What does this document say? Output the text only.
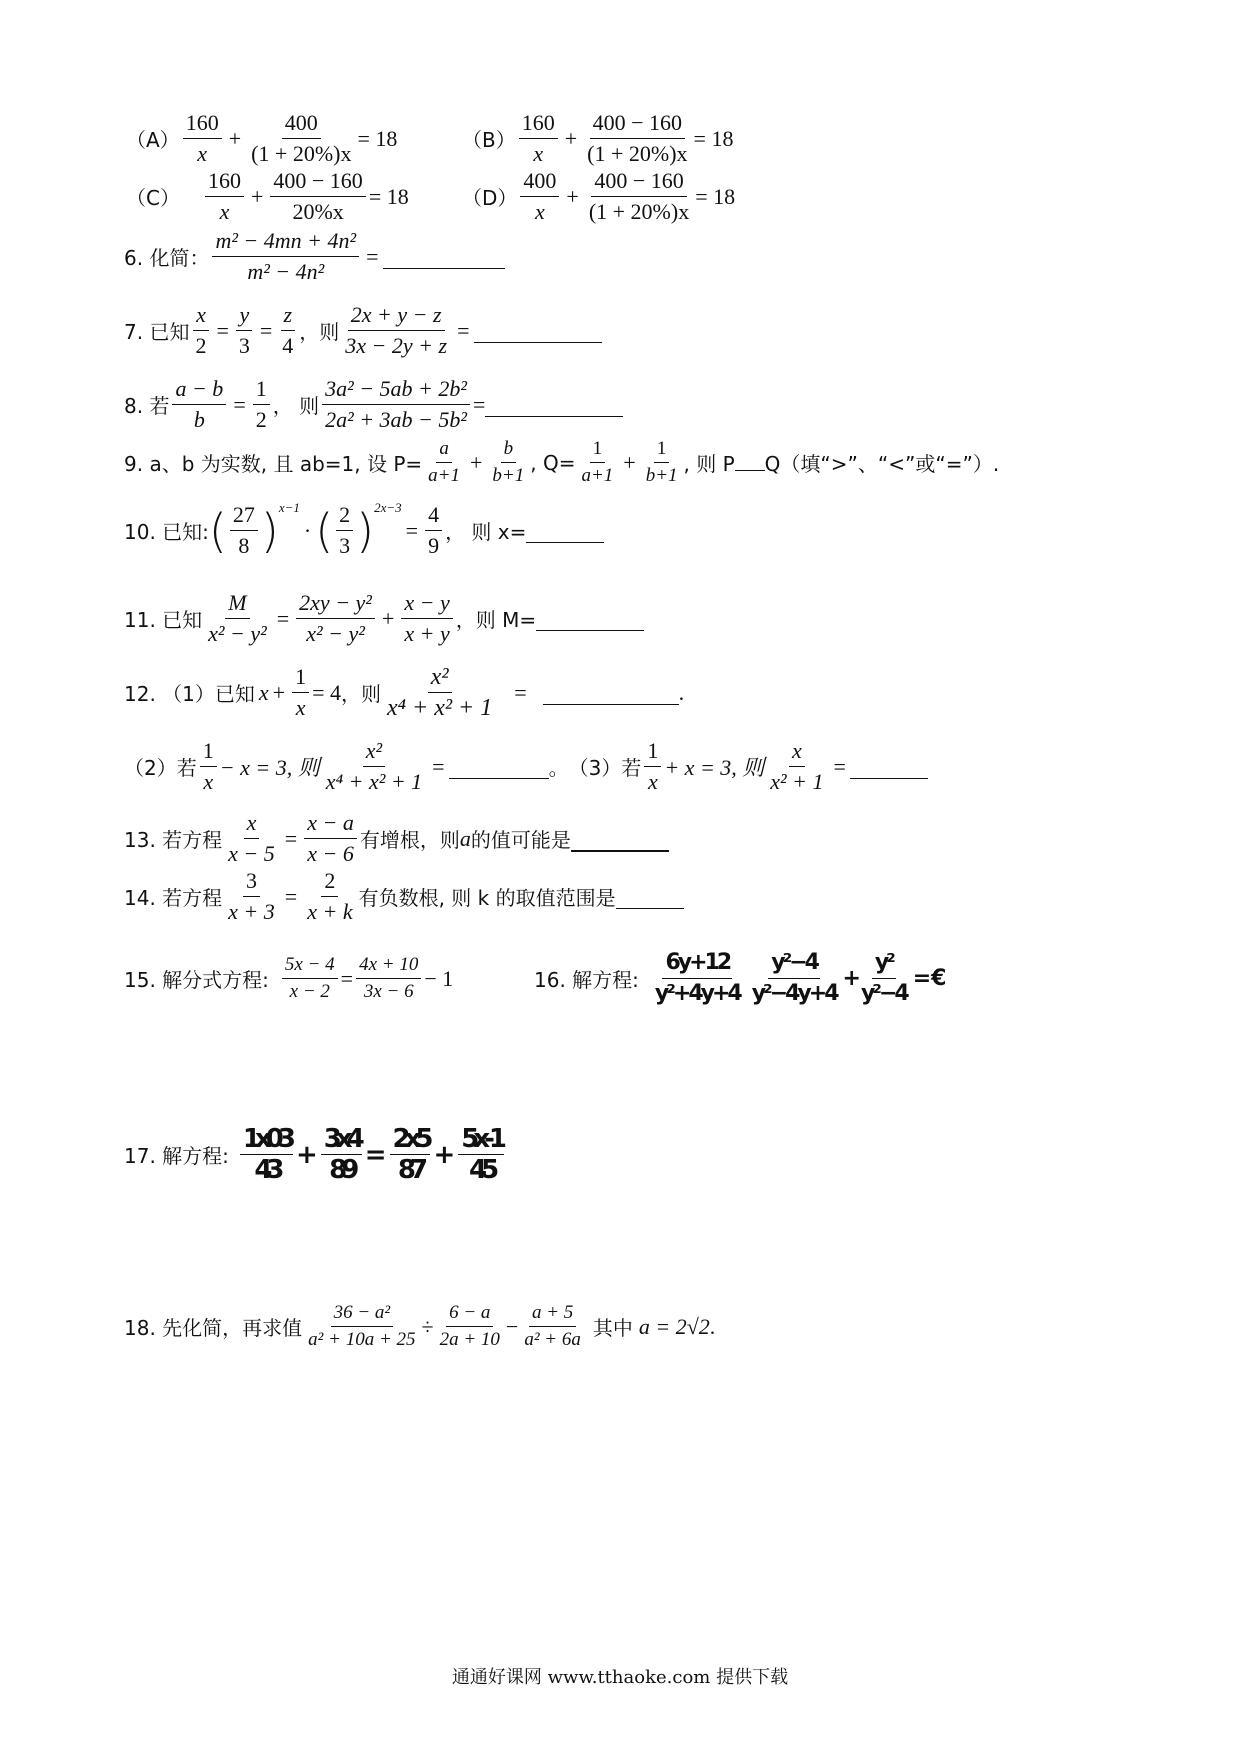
$(A) \frac{160}{x} + \frac{400}{(1 + 20\%)x} = 18$	$(B) \frac{160}{x} + \frac{400 - 160}{(1 + 20\%)x} = 18$
$(C) \frac{160}{x} + \frac{400 - 160}{20\%x} = 18$	$(D) \frac{400}{x} + \frac{400 - 160}{(1 + 20\%)x} = 18$
6. 化简： $\frac{\text{m² − 4mn + 4n²}}{\text{m² − 4n²}}$ =
7. 已知 $\frac{x}{2} = \frac{y}{3} = \frac{z}{4}$ ，则 $\frac{2x + y - z}{3x - 2y + z}$ =
8. 若 $\frac{a - b}{b} = \frac{1}{2}$ ， 则 $\frac{\text{3a² − 5ab + 2b²}}{\text{2a² + 3ab − 5b²}}$ =
9. a、b 为实数, 且 ab=1, 设 $P= \frac{a}{a+1} + \frac{b}{b+1}$ , $Q= \frac{1}{a+1} + \frac{1}{b+1}$ , 则 P Q（填“>”、“<”或“=”）.
10. 已知: ( $\frac{27}{8} )^{x-1}$
· ( $\frac{2}{3} )^{2x-3}$
= $\frac{4}{9}$ ， 则 x=
11. 已知 $\frac{M}{\text{x² − y²}} = \frac{\text{2xy − y²}}{\text{x² − y²}} + \frac{x - y}{x + y}$ ，则 M=
12. （1）已知 $x + \frac{1}{x} = 4$ ，则 $\frac{\text{x²}}{\text{x⁴ + x² + 1}}$ =	.
（2）若 $\frac{1}{x} - x = 3$, 则 $\frac{\text{x²}}{\text{x⁴ + x² + 1}}$ =	。 （3）若 $\frac{1}{x} + x = 3$, 则 $\frac{x}{\text{x² + 1}}$ =
13. 若方程 $\frac{x}{x - 5} = \frac{x - a}{x - 6}$ 有增根，则 a 的值可能是
14. 若方程 $\frac{3}{x + 3} = \frac{2}{x + k}$ 有负数根, 则 k 的取值范围是
15. 解分式方程: $\frac{5x - 4}{x - 2} = \frac{4x + 10}{3x - 6} - 1$	16. 解方程: $\frac{6y+12}{\text{y²+4y+4}} \frac{\text{y²−4}}{\text{y²−4y+4}} + \frac{\text{y²}}{\text{y²−4}}$ =€
17. 解方程: $\frac{1x03}{43} + \frac{3x4}{89} = \frac{2x5}{87} + \frac{5x-1}{45}$
18. 先化简，再求值 $\frac{\text{36 − a²}}{\text{a² + 10a + 25}} \div \frac{6 - a}{2a + 10} - \frac{a + 5}{\text{a² + 6a}}$ 其中 a = 2√2 .
通通好课网 www.tthaoke.com 提供下载
